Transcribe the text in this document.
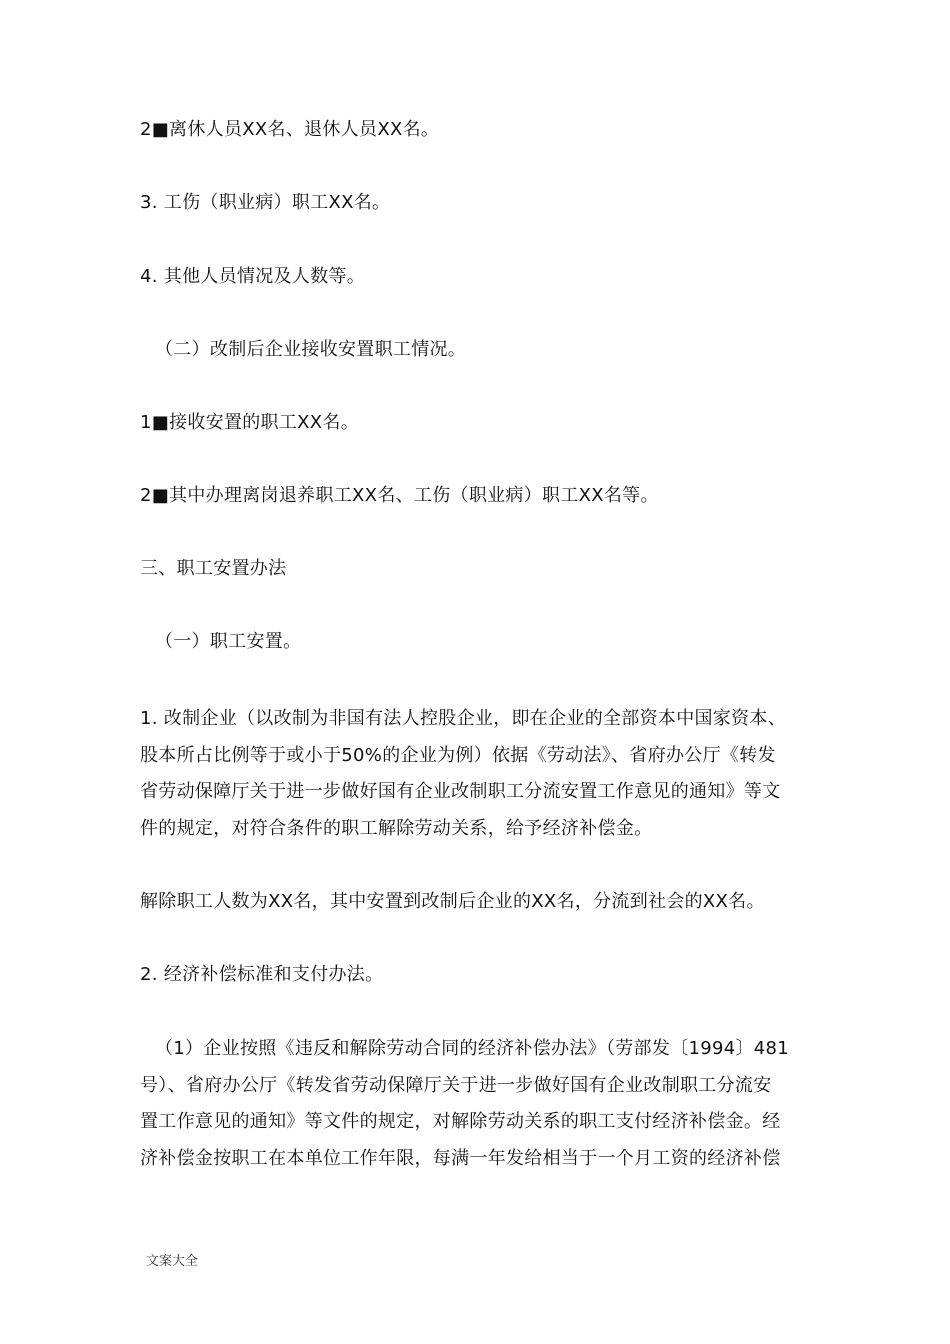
2■离休人员XX名、退休人员XX名。
3. 工伤（职业病）职工XX名。
4. 其他人员情况及人数等。
（二）改制后企业接收安置职工情况。
1■接收安置的职工XX名。
2■其中办理离岗退养职工XX名、工伤（职业病）职工XX名等。
三、职工安置办法
（一）职工安置。
1. 改制企业（以改制为非国有法人控股企业，即在企业的全部资本中国家资本、
股本所占比例等于或小于50%的企业为例）依据《劳动法》、省府办公厅《转发
省劳动保障厅关于进一步做好国有企业改制职工分流安置工作意见的通知》等文
件的规定，对符合条件的职工解除劳动关系，给予经济补偿金。
解除职工人数为XX名，其中安置到改制后企业的XX名，分流到社会的XX名。
2. 经济补偿标准和支付办法。
（1）企业按照《违反和解除劳动合同的经济补偿办法》（劳部发〔1994〕481
号）、省府办公厅《转发省劳动保障厅关于进一步做好国有企业改制职工分流安
置工作意见的通知》等文件的规定，对解除劳动关系的职工支付经济补偿金。经
济补偿金按职工在本单位工作年限，每满一年发给相当于一个月工资的经济补偿
文案大全
